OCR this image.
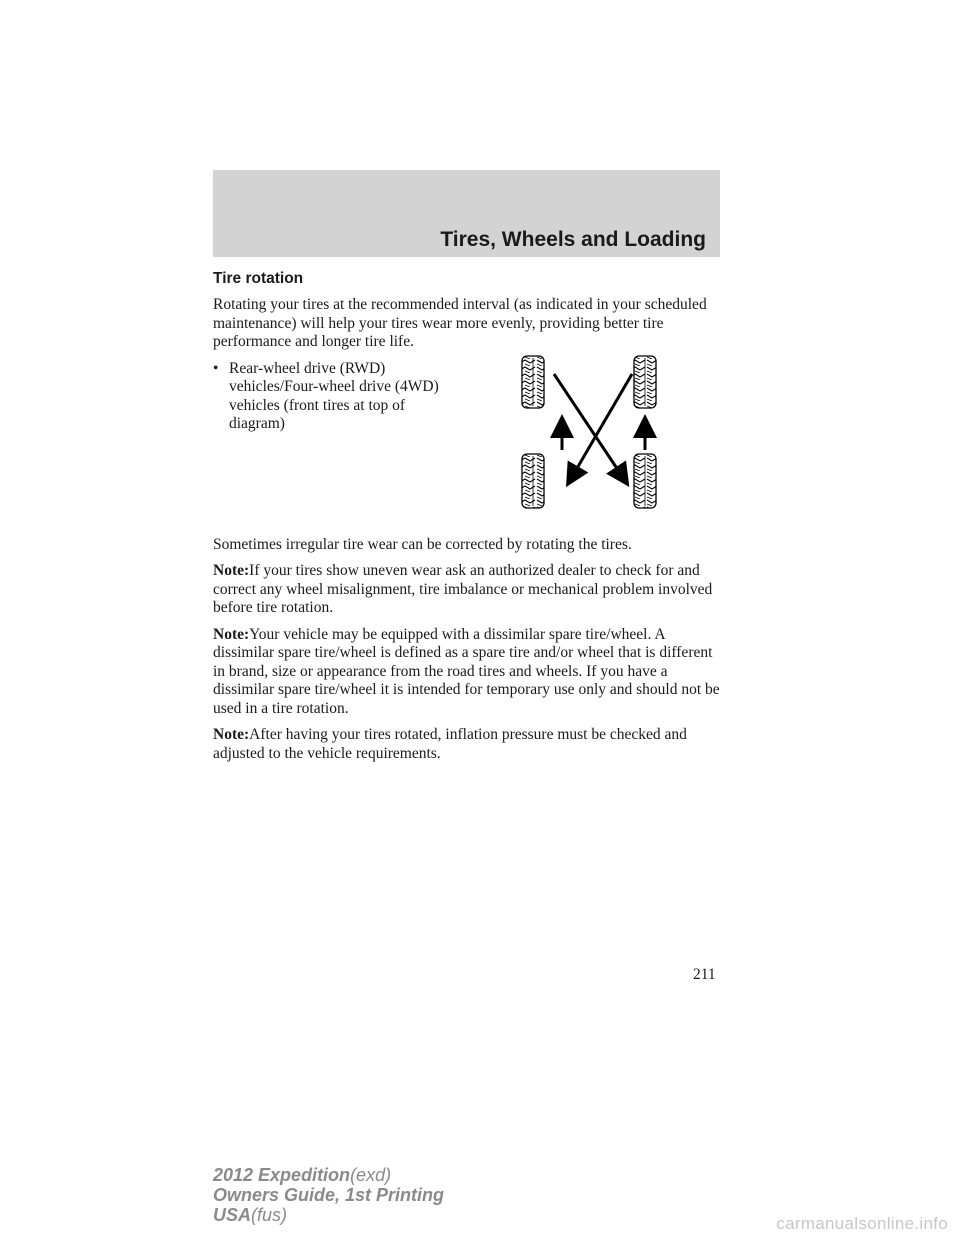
Tires, Wheels and Loading
Tire rotation

Rotating your tires at the recommended interval (as indicated in your scheduled maintenance) will help your tires wear more evenly, providing better tire performance and longer tire life.

• Rear-wheel drive (RWD) vehicles/Four-wheel drive (4WD) vehicles (front tires at top of diagram)

Sometimes irregular tire wear can be corrected by rotating the tires.

Note:If your tires show uneven wear ask an authorized dealer to check for and correct any wheel misalignment, tire imbalance or mechanical problem involved before tire rotation.

Note:Your vehicle may be equipped with a dissimilar spare tire/wheel. A dissimilar spare tire/wheel is defined as a spare tire and/or wheel that is different in brand, size or appearance from the road tires and wheels. If you have a dissimilar spare tire/wheel it is intended for temporary use only and should not be used in a tire rotation.

Note:After having your tires rotated, inflation pressure must be checked and adjusted to the vehicle requirements.

211
2012 Expedition(exd)
Owners Guide, 1st Printing
USA(fus)	carmanualsonline.info
